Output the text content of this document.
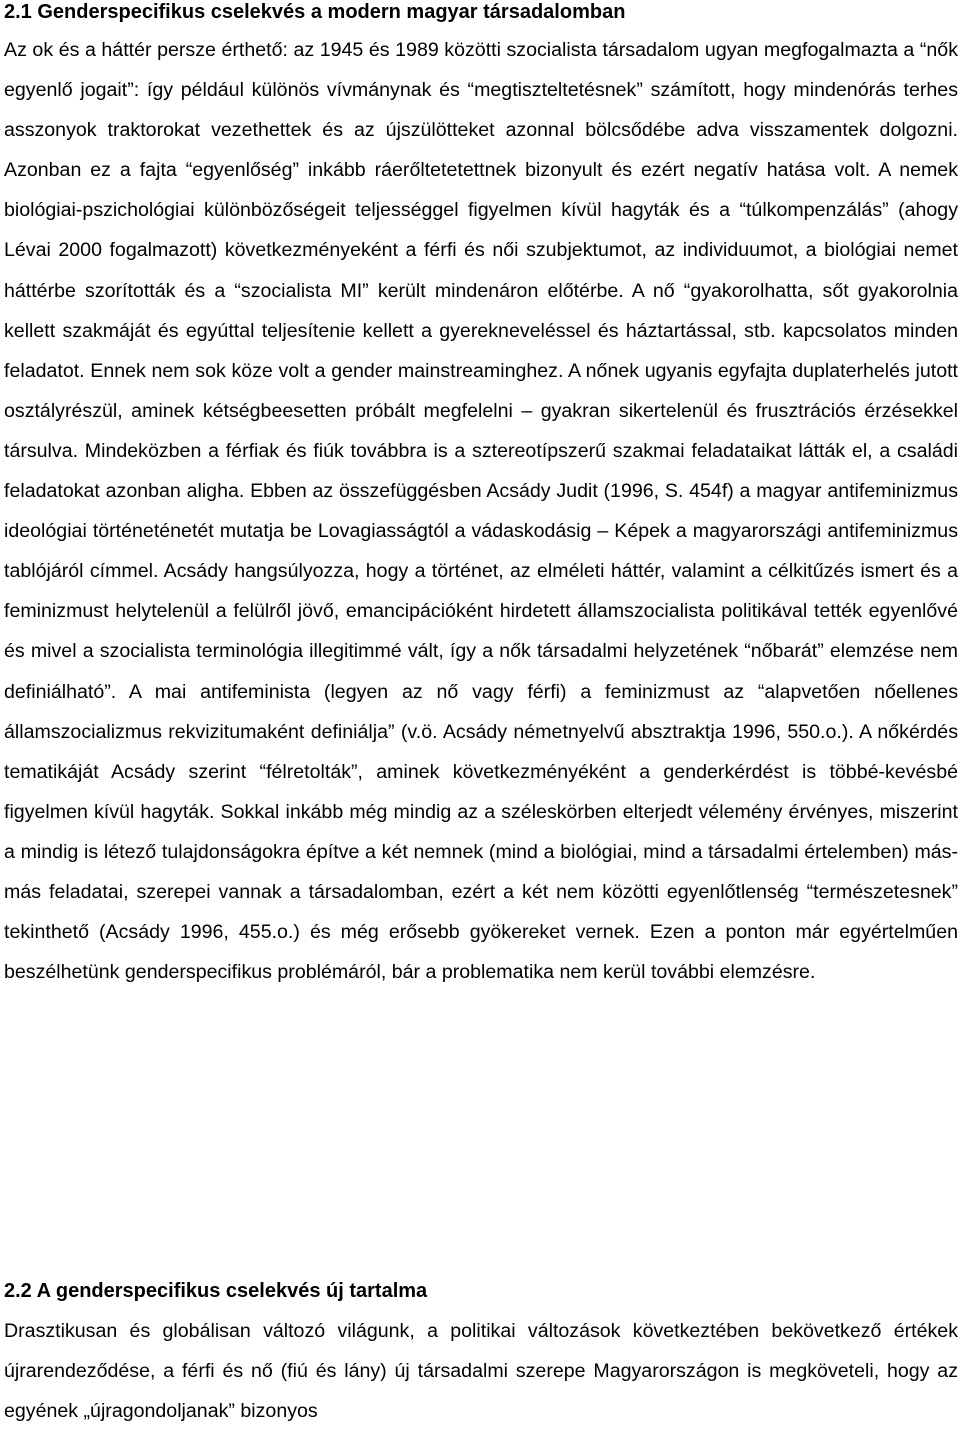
2.1 Genderspecifikus cselekvés a modern magyar társadalomban

Az ok és a háttér persze érthető: az 1945 és 1989 közötti szocialista társadalom ugyan megfogalmazta a “nők egyenlő jogait”: így például különös vívmánynak és “megtiszteltetésnek” számított, hogy mindenórás terhes asszonyok traktorokat vezethettek és az újszülötteket azonnal bölcsődébe adva visszamentek dolgozni. Azonban ez a fajta “egyenlőség” inkább ráerőltetetettnek bizonyult és ezért negatív hatása volt. A nemek biológiai-pszichológiai különbözőségeit teljességgel figyelmen kívül hagyták és a “túlkompenzálás” (ahogy Lévai 2000 fogalmazott) következményeként a férfi és női szubjektumot, az individuumot, a biológiai nemet háttérbe szorították és a “szocialista MI” került mindenáron előtérbe. A nő “gyakorolhatta, sőt gyakorolnia kellett szakmáját és egyúttal teljesítenie kellett a gyerekneveléssel és háztartással, stb. kapcsolatos minden feladatot. Ennek nem sok köze volt a gender mainstreaminghez. A nőnek ugyanis egyfajta duplaterhelés jutott osztályrészül, aminek kétségbeesetten próbált megfelelni – gyakran sikertelenül és frusztrációs érzésekkel társulva. Mindeközben a férfiak és fiúk továbbra is a sztereotípszerű szakmai feladataikat látták el, a családi feladatokat azonban aligha. Ebben az összefüggésben Acsády Judit (1996, S. 454f) a magyar antifeminizmus ideológiai történeténetét mutatja be Lovagiasságtól a vádaskodásig – Képek a magyarországi antifeminizmus tablójáról címmel. Acsády hangsúlyozza, hogy a történet, az elméleti háttér, valamint a célkitűzés ismert és a feminizmust helytelenül a felülről jövő, emancipációként hirdetett államszocialista politikával tették egyenlővé és mivel a szocialista terminológia illegitimmé vált, így a nők társadalmi helyzetének “nőbarát” elemzése nem definiálható”. A mai antifeminista (legyen az nő vagy férfi) a feminizmust az “alapvetően nőellenes államszocializmus rekvizitumaként definiálja” (v.ö. Acsády németnyelvű absztraktja 1996, 550.o.). A nőkérdés tematikáját Acsády szerint “félretolták”, aminek következményéként a genderkérdést is többé-kevésbé figyelmen kívül hagyták. Sokkal inkább még mindig az a széleskörben elterjedt vélemény érvényes, miszerint a mindig is létező tulajdonságokra építve a két nemnek (mind a biológiai, mind a társadalmi értelemben) más-más feladatai, szerepei vannak a társadalomban, ezért a két nem közötti egyenlőtlenség “természetesnek” tekinthető (Acsády 1996, 455.o.) és még erősebb gyökereket vernek. Ezen a ponton már egyértelműen beszélhetünk genderspecifikus problémáról, bár a problematika nem kerül további elemzésre.

2.2 A genderspecifikus cselekvés új tartalma

Drasztikusan és globálisan változó világunk, a politikai változások következtében bekövetkező értékek újrarendeződése, a férfi és nő (fiú és lány) új társadalmi szerepe Magyarországon is megköveteli, hogy az egyének „újragondoljanak” bizonyos
